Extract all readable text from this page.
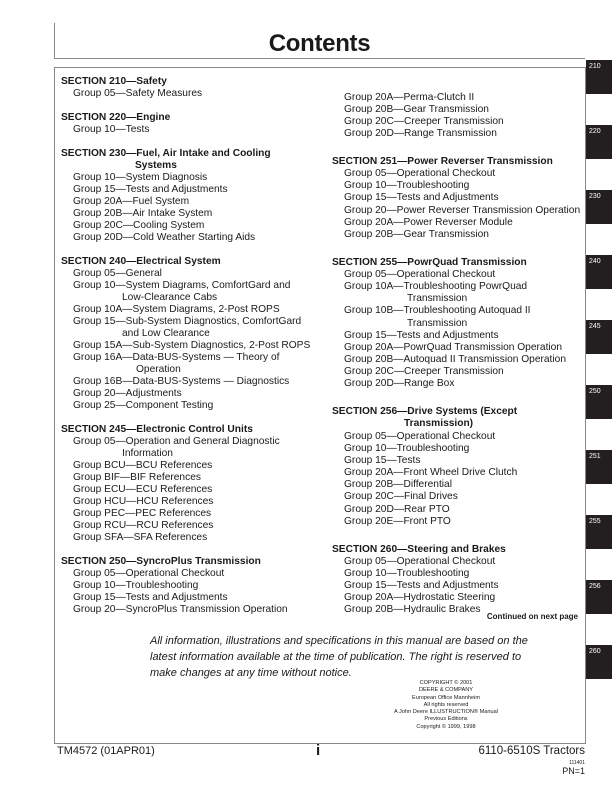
Contents
SECTION 210—Safety
Group 05—Safety Measures
SECTION 220—Engine
Group 10—Tests
SECTION 230—Fuel, Air Intake and Cooling
Systems
Group 10—System Diagnosis
Group 15—Tests and Adjustments
Group 20A—Fuel System
Group 20B—Air Intake System
Group 20C—Cooling System
Group 20D—Cold Weather Starting Aids
SECTION 240—Electrical System
Group 05—General
Group 10—System Diagrams, ComfortGard and
Low-Clearance Cabs
Group 10A—System Diagrams, 2-Post ROPS
Group 15—Sub-System Diagnostics, ComfortGard
and Low Clearance
Group 15A—Sub-System Diagnostics, 2-Post ROPS
Group 16A—Data-BUS-Systems — Theory of
Operation
Group 16B—Data-BUS-Systems — Diagnostics
Group 20—Adjustments
Group 25—Component Testing
SECTION 245—Electronic Control Units
Group 05—Operation and General Diagnostic
Information
Group BCU—BCU References
Group BIF—BIF References
Group ECU—ECU References
Group HCU—HCU References
Group PEC—PEC References
Group RCU—RCU References
Group SFA—SFA References
SECTION 250—SyncroPlus Transmission
Group 05—Operational Checkout
Group 10—Troubleshooting
Group 15—Tests and Adjustments
Group 20—SyncroPlus Transmission Operation
Group 20A—Perma-Clutch II
Group 20B—Gear Transmission
Group 20C—Creeper Transmission
Group 20D—Range Transmission
SECTION 251—Power Reverser Transmission
Group 05—Operational Checkout
Group 10—Troubleshooting
Group 15—Tests and Adjustments
Group 20—Power Reverser Transmission Operation
Group 20A—Power Reverser Module
Group 20B—Gear Transmission
SECTION 255—PowrQuad Transmission
Group 05—Operational Checkout
Group 10A—Troubleshooting PowrQuad
Transmission
Group 10B—Troubleshooting Autoquad II
Transmission
Group 15—Tests and Adjustments
Group 20A—PowrQuad Transmission Operation
Group 20B—Autoquad II Transmission Operation
Group 20C—Creeper Transmission
Group 20D—Range Box
SECTION 256—Drive Systems (Except
Transmission)
Group 05—Operational Checkout
Group 10—Troubleshooting
Group 15—Tests
Group 20A—Front Wheel Drive Clutch
Group 20B—Differential
Group 20C—Final Drives
Group 20D—Rear PTO
Group 20E—Front PTO
SECTION 260—Steering and Brakes
Group 05—Operational Checkout
Group 10—Troubleshooting
Group 15—Tests and Adjustments
Group 20A—Hydrostatic Steering
Group 20B—Hydraulic Brakes
Continued on next page
All information, illustrations and specifications in this manual are based on the latest information available at the time of publication. The right is reserved to make changes at any time without notice.
COPYRIGHT © 2001
DEERE & COMPANY
European Office Mannheim
All rights reserved
A John Deere ILLUSTRUCTION® Manual
Previous Editions
Copyright © 1999, 1998
210
220
230
240
245
250
251
255
256
260
TM4572 (01APR01)	i	6110-6510S Tractors
111401
PN=1
